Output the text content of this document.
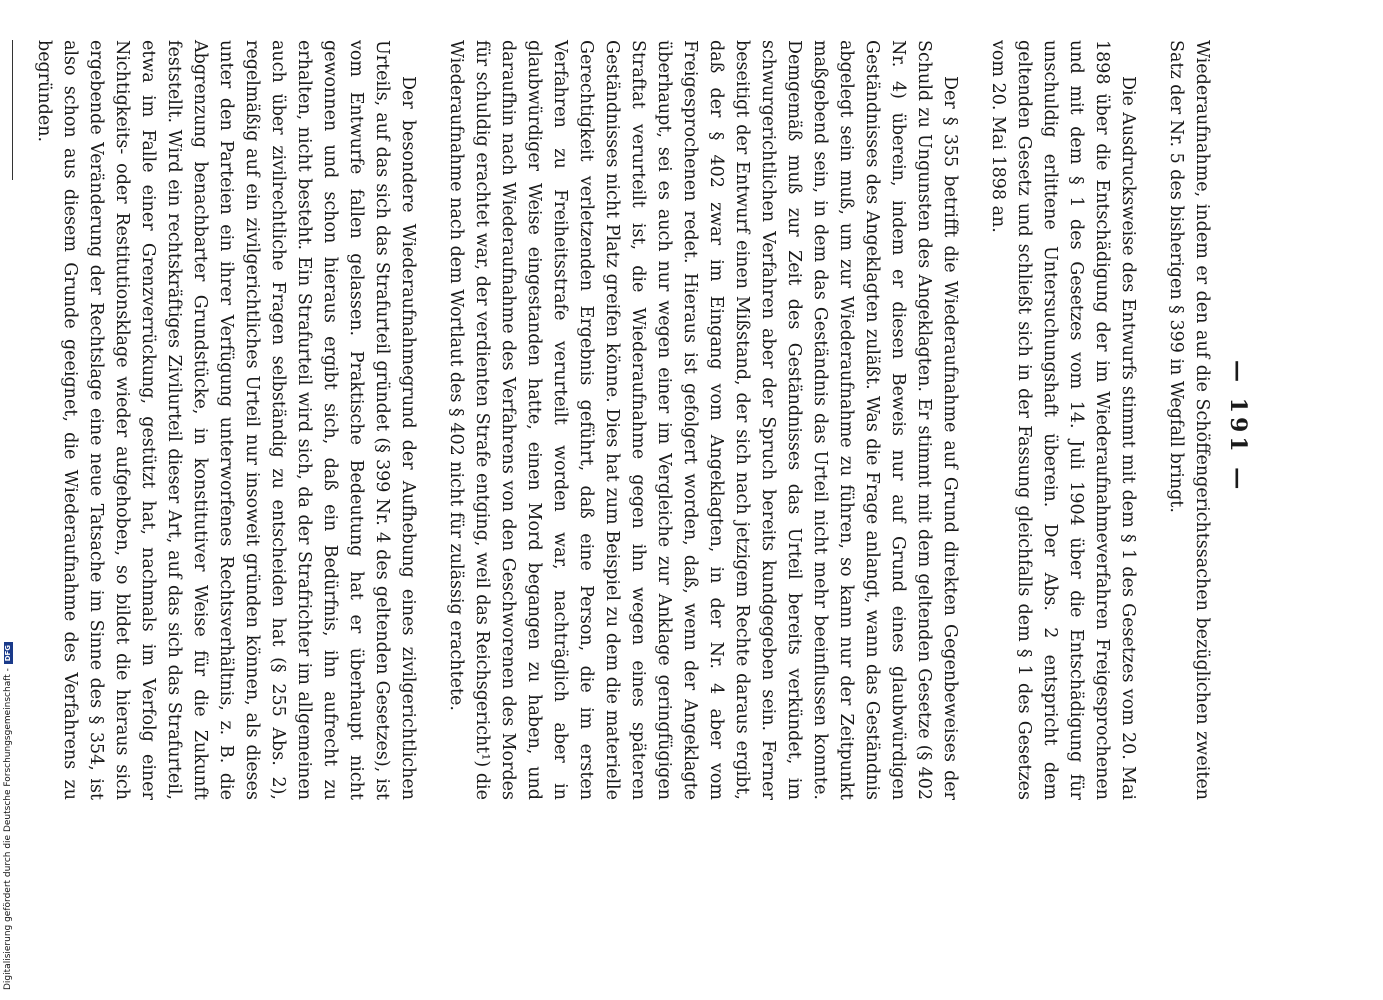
— 191 —

Wiederaufnahme, indem er den auf die Schöffengerichtssachen bezüglichen zweiten Satz der Nr. 5 des bisherigen § 399 in Wegfall bringt.

Die Ausdrucksweise des Entwurfs stimmt mit dem § 1 des Gesetzes vom 20. Mai 1898 über die Entschädigung der im Wiederaufnahmeverfahren Freigesprochenen und mit dem § 1 des Gesetzes vom 14. Juli 1904 über die Entschädigung für unschuldig erlittene Untersuchungshaft überein. Der Abs. 2 entspricht dem geltenden Gesetz und schließt sich in der Fassung gleichfalls dem § 1 des Gesetzes vom 20. Mai 1898 an.

Der § 355 betrifft die Wiederaufnahme auf Grund direkten Gegenbeweises der Schuld zu Ungunsten des Angeklagten. Er stimmt mit dem geltenden Gesetze (§ 402 Nr. 4) überein, indem er diesen Beweis nur auf Grund eines glaubwürdigen Geständnisses des Angeklagten zuläßt. Was die Frage anlangt, wann das Geständnis abgelegt sein muß, um zur Wiederaufnahme zu führen, so kann nur der Zeitpunkt maßgebend sein, in dem das Geständnis das Urteil nicht mehr beeinflussen konnte. Demgemäß muß zur Zeit des Geständnisses das Urteil bereits verkündet, im schwurgerichtlichen Verfahren aber der Spruch bereits kundgegeben sein. Ferner beseitigt der Entwurf einen Mißstand, der sich nach jetzigem Rechte daraus ergibt, daß der § 402 zwar im Eingang vom Angeklagten, in der Nr. 4 aber vom Freigesprochenen redet. Hieraus ist gefolgert worden, daß, wenn der Angeklagte überhaupt, sei es auch nur wegen einer im Vergleiche zur Anklage geringfügigen Straftat verurteilt ist, die Wiederaufnahme gegen ihn wegen eines späteren Geständnisses nicht Platz greifen könne. Dies hat zum Beispiel zu dem die materielle Gerechtigkeit verletzenden Ergebnis geführt, daß eine Person, die im ersten Verfahren zu Freiheitsstrafe verurteilt worden war, nachträglich aber in glaubwürdiger Weise eingestanden hatte, einen Mord begangen zu haben, und daraufhin nach Wiederaufnahme des Verfahrens von den Geschworenen des Mordes für schuldig erachtet war, der verdienten Strafe entging, weil das Reichsgericht¹) die Wiederaufnahme nach dem Wortlaut des § 402 nicht für zulässig erachtete.

Der besondere Wiederaufnahmegrund der Aufhebung eines zivilgerichtlichen Urteils, auf das sich das Strafurteil gründet (§ 399 Nr. 4 des geltenden Gesetzes), ist vom Entwurfe fallen gelassen. Praktische Bedeutung hat er überhaupt nicht gewonnen und schon hieraus ergibt sich, daß ein Bedürfnis, ihn aufrecht zu erhalten, nicht besteht. Ein Strafurteil wird sich, da der Strafrichter im allgemeinen auch über zivilrechtliche Fragen selbständig zu entscheiden hat (§ 255 Abs. 2), regelmäßig auf ein zivilgerichtliches Urteil nur insoweit gründen können, als dieses unter den Parteien ein ihrer Verfügung unterworfenes Rechtsverhältnis, z. B. die Abgrenzung benachbarter Grundstücke, in konstitutiver Weise für die Zukunft feststellt. Wird ein rechtskräftiges Zivilurteil dieser Art, auf das sich das Strafurteil, etwa im Falle einer Grenzverrückung, gestützt hat, nachmals im Verfolg einer Nichtigkeits- oder Restitutionsklage wieder aufgehoben, so bildet die hieraus sich ergebende Veränderung der Rechtslage eine neue Tatsache im Sinne des § 354, ist also schon aus diesem Grunde geeignet, die Wiederaufnahme des Verfahrens zu begründen.

Digitalisierung gefördert durch die Deutsche Forschungsgemeinschaft -
DFG
